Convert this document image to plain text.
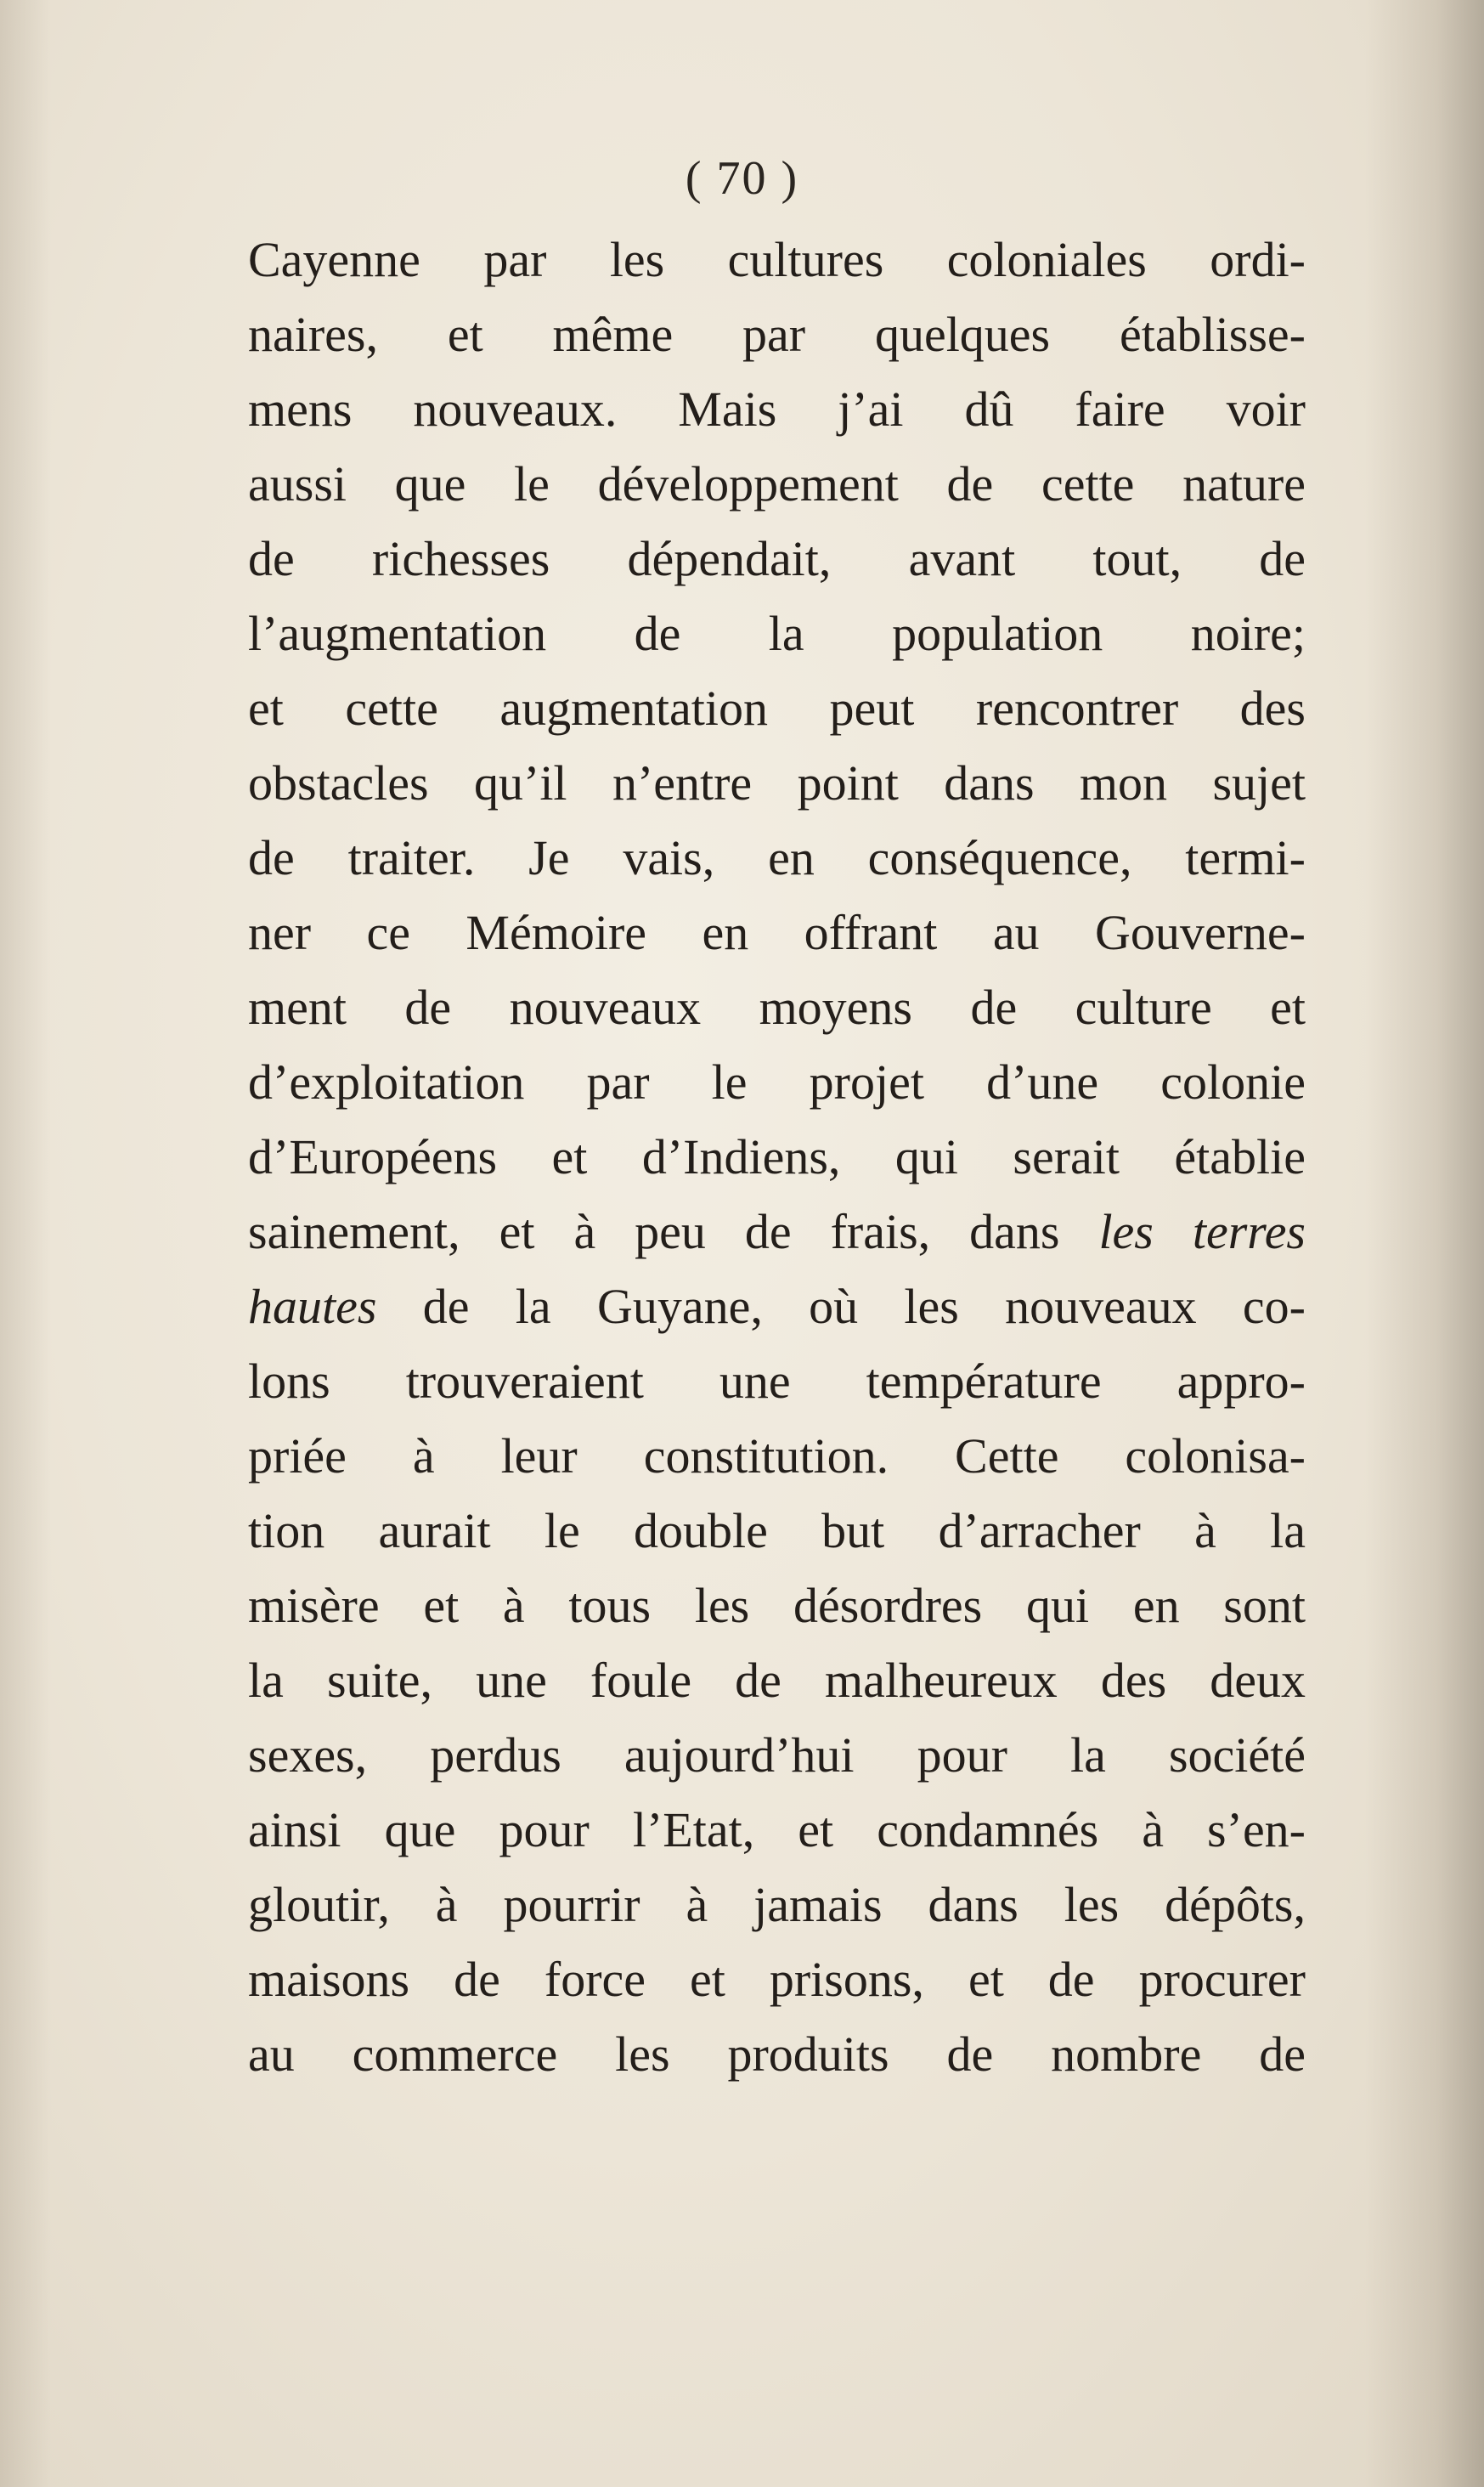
( 70 )
Cayenne par les cultures coloniales ordi-
naires, et même par quelques établisse-
mens nouveaux. Mais j’ai dû faire voir
aussi que le développement de cette nature
de richesses dépendait, avant tout, de
l’augmentation de la population noire;
et cette augmentation peut rencontrer des
obstacles qu’il n’entre point dans mon sujet
de traiter. Je vais, en conséquence, termi-
ner ce Mémoire en offrant au Gouverne-
ment de nouveaux moyens de culture et
d’exploitation par le projet d’une colonie
d’Européens et d’Indiens, qui serait établie
sainement, et à peu de frais, dans les terres
hautes de la Guyane, où les nouveaux co-
lons trouveraient une température appro-
priée à leur constitution. Cette colonisa-
tion aurait le double but d’arracher à la
misère et à tous les désordres qui en sont
la suite, une foule de malheureux des deux
sexes, perdus aujourd’hui pour la société
ainsi que pour l’Etat, et condamnés à s’en-
gloutir, à pourrir à jamais dans les dépôts,
maisons de force et prisons, et de procurer
au commerce les produits de nombre de
